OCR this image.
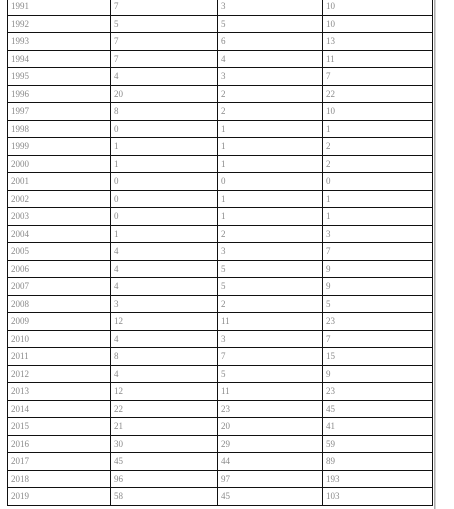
1991	7	3	10
1992	5	5	10
1993	7	6	13
1994	7	4	11
1995	4	3	7
1996	20	2	22
1997	8	2	10
1998	0	1	1
1999	1	1	2
2000	1	1	2
2001	0	0	0
2002	0	1	1
2003	0	1	1
2004	1	2	3
2005	4	3	7
2006	4	5	9
2007	4	5	9
2008	3	2	5
2009	12	11	23
2010	4	3	7
2011	8	7	15
2012	4	5	9
2013	12	11	23
2014	22	23	45
2015	21	20	41
2016	30	29	59
2017	45	44	89
2018	96	97	193
2019	58	45	103
